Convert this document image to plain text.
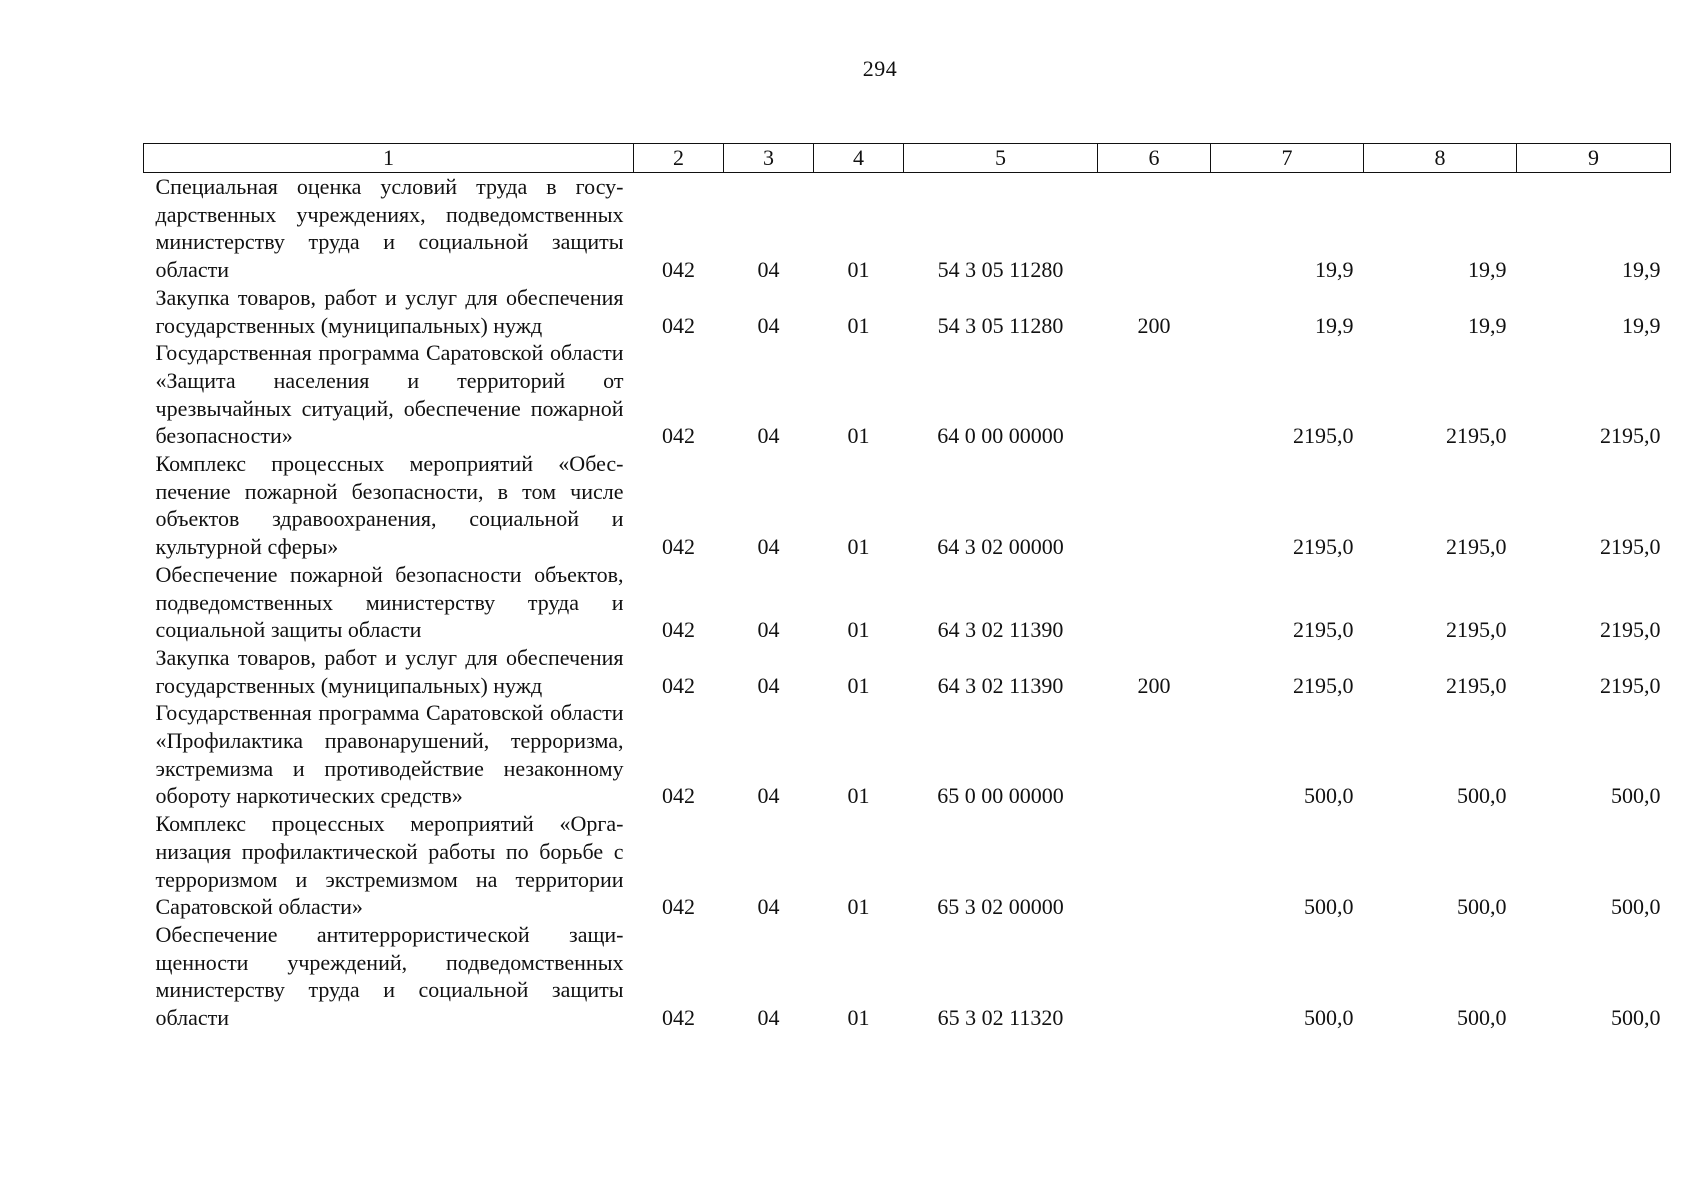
294
1	2	3	4	5	6	7	8	9
Специальная оценка условий труда в государственных учреждениях, подведомственных министерству труда и социальной защиты области	042	04	01	54 3 05 11280		19,9	19,9	19,9
Закупка товаров, работ и услуг для обеспечения государственных (муниципальных) нужд	042	04	01	54 3 05 11280	200	19,9	19,9	19,9
Государственная программа Саратовской области «Защита населения и территорий от чрезвычайных ситуаций, обеспечение пожарной безопасности»	042	04	01	64 0 00 00000		2195,0	2195,0	2195,0
Комплекс процессных мероприятий «Обеспечение пожарной безопасности, в том числе объектов здравоохранения, социальной и культурной сферы»	042	04	01	64 3 02 00000		2195,0	2195,0	2195,0
Обеспечение пожарной безопасности объектов, подведомственных министерству труда и социальной защиты области	042	04	01	64 3 02 11390		2195,0	2195,0	2195,0
Закупка товаров, работ и услуг для обеспечения государственных (муниципальных) нужд	042	04	01	64 3 02 11390	200	2195,0	2195,0	2195,0
Государственная программа Саратовской области «Профилактика правонарушений, терроризма, экстремизма и противодействие незаконному обороту наркотических средств»	042	04	01	65 0 00 00000		500,0	500,0	500,0
Комплекс процессных мероприятий «Организация профилактической работы по борьбе с терроризмом и экстремизмом на территории Саратовской области»	042	04	01	65 3 02 00000		500,0	500,0	500,0
Обеспечение антитеррористической защищенности учреждений, подведомственных министерству труда и социальной защиты области	042	04	01	65 3 02 11320		500,0	500,0	500,0
